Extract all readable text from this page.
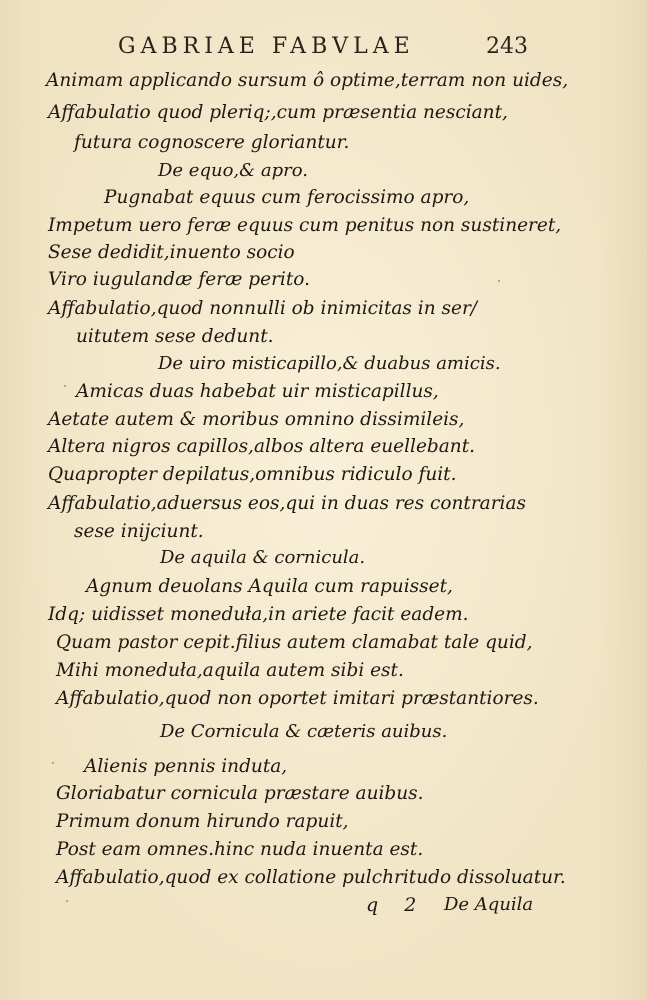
GABRIAE FABVLAE	243
Animam applicando sursum ô optime,terram non uides,
Affabulatio quod pleriq;,cum præsentia nesciant,
futura cognoscere gloriantur.
De equo,& apro.
Pugnabat equus cum ferocissimo apro,
Impetum uero feræ equus cum penitus non sustineret,
Sese dedidit,inuento socio
Viro iugulandæ feræ perito.
Affabulatio,quod nonnulli ob inimicitas in ser/
uitutem sese dedunt.
De uiro misticapillo,& duabus amicis.
Amicas duas habebat uir misticapillus,
Aetate autem & moribus omnino dissimileis,
Altera nigros capillos,albos altera euellebant.
Quapropter depilatus,omnibus ridiculo fuit.
Affabulatio,aduersus eos,qui in duas res contrarias
sese inijciunt.
De aquila & cornicula.
Agnum deuolans Aquila cum rapuisset,
Idq; uidisset moneduła,in ariete facit eadem.
Quam pastor cepit.filius autem clamabat tale quid,
Mihi moneduła,aquila autem sibi est.
Affabulatio,quod non oportet imitari præstantiores.
De Cornicula & cæteris auibus.
Alienis pennis induta,
Gloriabatur cornicula præstare auibus.
Primum donum hirundo rapuit,
Post eam omnes.hinc nuda inuenta est.
Affabulatio,quod ex collatione pulchritudo dissoluatur.
q 2 De Aquila
